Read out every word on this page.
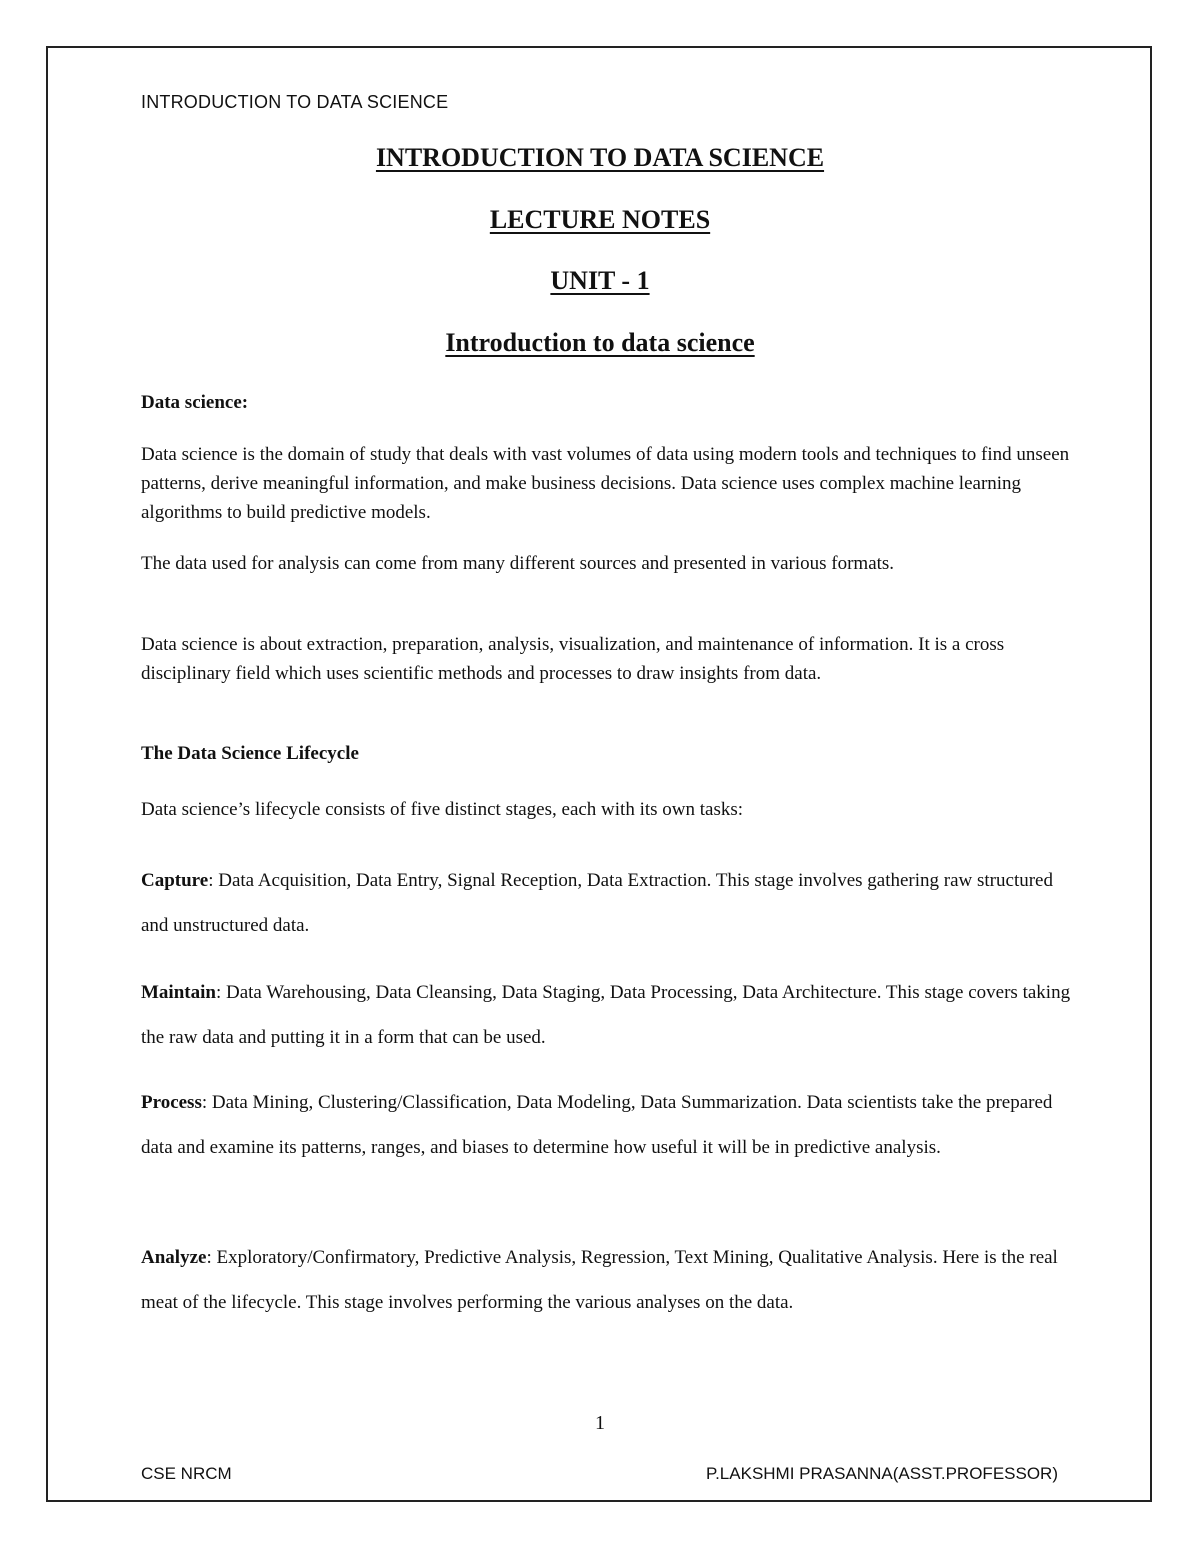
INTRODUCTION TO DATA SCIENCE
INTRODUCTION TO DATA SCIENCE
LECTURE NOTES
UNIT - 1
Introduction to data science

Data science:

Data science is the domain of study that deals with vast volumes of data using modern tools and techniques to find unseen patterns, derive meaningful information, and make business decisions. Data science uses complex machine learning algorithms to build predictive models.

The data used for analysis can come from many different sources and presented in various formats.

Data science is about extraction, preparation, analysis, visualization, and maintenance of information. It is a cross disciplinary field which uses scientific methods and processes to draw insights from data.

The Data Science Lifecycle

Data science’s lifecycle consists of five distinct stages, each with its own tasks:

Capture: Data Acquisition, Data Entry, Signal Reception, Data Extraction. This stage involves gathering raw structured and unstructured data.

Maintain: Data Warehousing, Data Cleansing, Data Staging, Data Processing, Data Architecture. This stage covers taking the raw data and putting it in a form that can be used.

Process: Data Mining, Clustering/Classification, Data Modeling, Data Summarization. Data scientists take the prepared data and examine its patterns, ranges, and biases to determine how useful it will be in predictive analysis.

Analyze: Exploratory/Confirmatory, Predictive Analysis, Regression, Text Mining, Qualitative Analysis. Here is the real meat of the lifecycle. This stage involves performing the various analyses on the data.

1
CSE NRCM	P.LAKSHMI PRASANNA(ASST.PROFESSOR)
